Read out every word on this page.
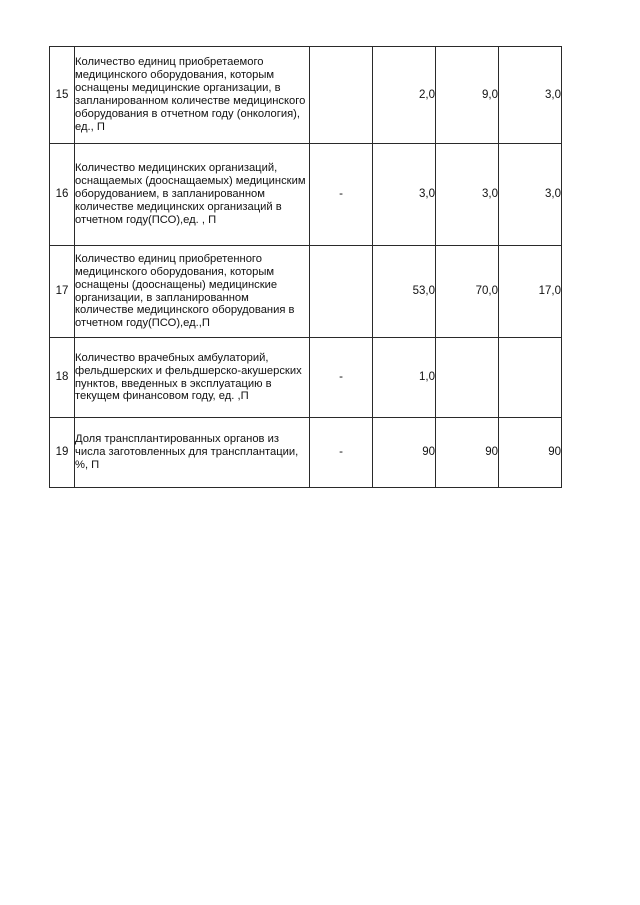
15	Количество единиц приобретаемого медицинского оборудования, которым оснащены медицинские организации, в запланированном количестве медицинского оборудования в отчетном году (онкология), ед., П		2,0	9,0	3,0
16	Количество медицинских организаций, оснащаемых (дооснащаемых) медицинским оборудованием, в запланированном количестве медицинских организаций в отчетном году(ПСО),ед. , П	-	3,0	3,0	3,0
17	Количество единиц приобретенного медицинского оборудования, которым оснащены (дооснащены) медицинские организации, в запланированном количестве медицинского оборудования в отчетном году(ПСО),ед.,П		53,0	70,0	17,0
18	Количество врачебных амбулаторий, фельдшерских и фельдшерско-акушерских пунктов, введенных в эксплуатацию в текущем финансовом году, ед. ,П	-	1,0		
19	Доля трансплантированных органов из числа заготовленных для трансплантации, %, П	-	90	90	90
